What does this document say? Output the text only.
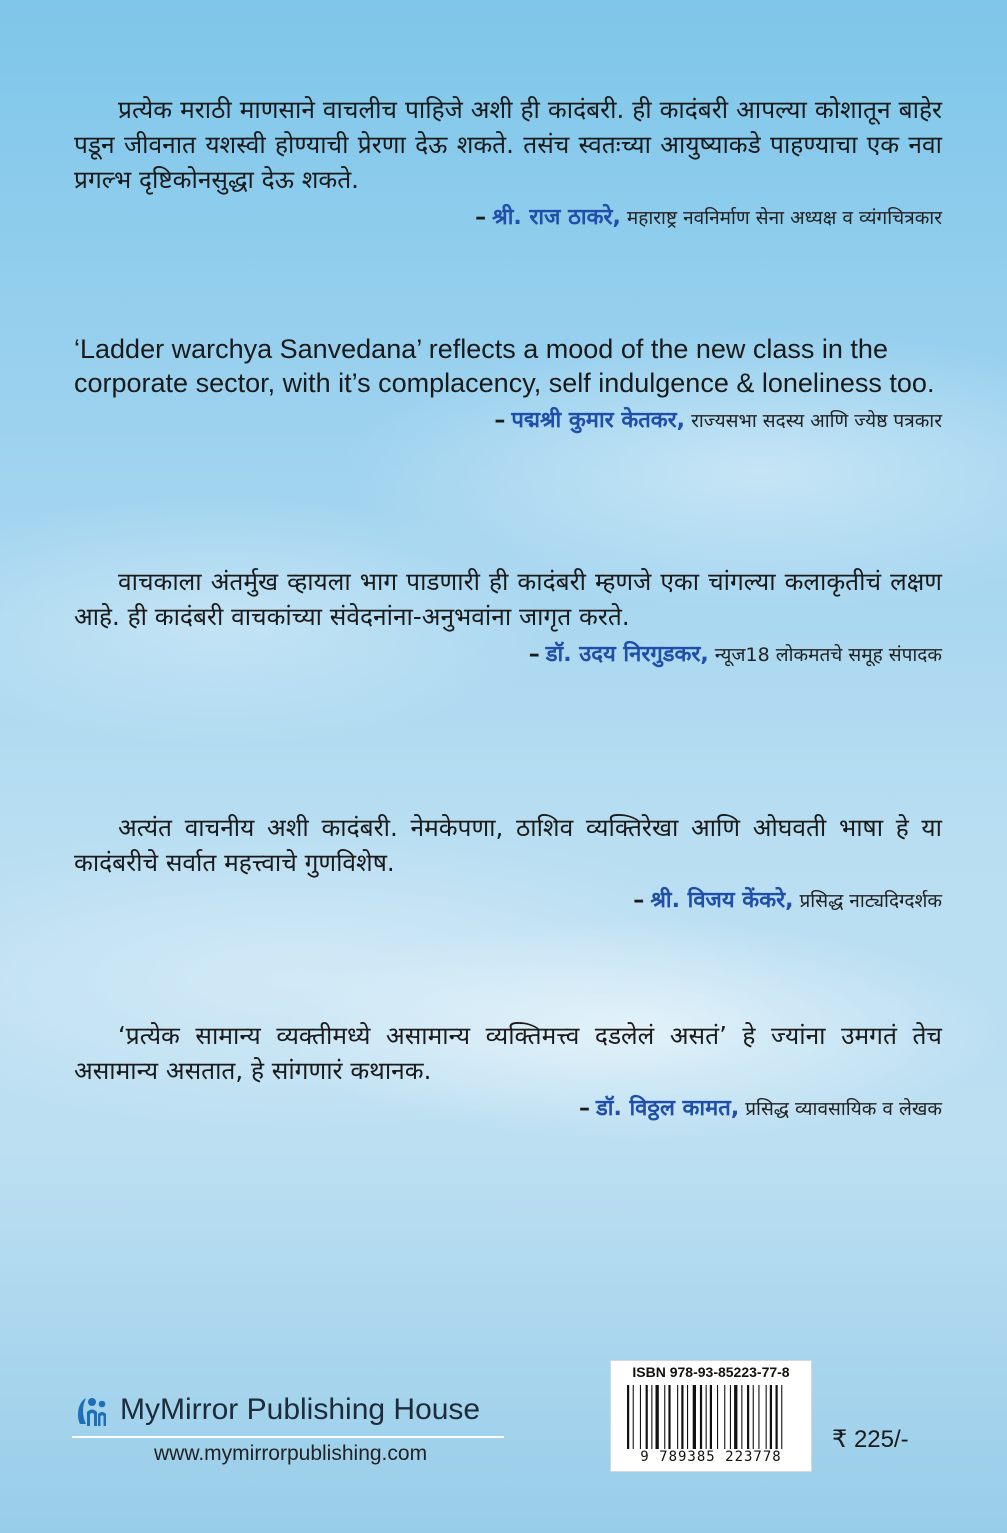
प्रत्येक मराठी माणसाने वाचलीच पाहिजे अशी ही कादंबरी. ही कादंबरी आपल्या कोशातून बाहेर पडून जीवनात यशस्वी होण्याची प्रेरणा देऊ शकते. तसंच स्वतःच्या आयुष्याकडे पाहण्याचा एक नवा प्रगल्भ दृष्टिकोनसुद्धा देऊ शकते.

– श्री. राज ठाकरे, महाराष्ट्र नवनिर्माण सेना अध्यक्ष व व्यंगचित्रकार

‘Ladder warchya Sanvedana’ reflects a mood of the new class in the corporate sector, with it’s complacency, self indulgence & loneliness too.

– पद्मश्री कुमार केतकर, राज्यसभा सदस्य आणि ज्येष्ठ पत्रकार

वाचकाला अंतर्मुख व्हायला भाग पाडणारी ही कादंबरी म्हणजे एका चांगल्या कलाकृतीचं लक्षण आहे. ही कादंबरी वाचकांच्या संवेदनांना-अनुभवांना जागृत करते.

– डॉ. उदय निरगुडकर, न्यूज18 लोकमतचे समूह संपादक

अत्यंत वाचनीय अशी कादंबरी. नेमकेपणा, ठाशिव व्यक्तिरेखा आणि ओघवती भाषा हे या कादंबरीचे सर्वात महत्त्वाचे गुणविशेष.

– श्री. विजय केंकरे, प्रसिद्ध नाट्यदिग्दर्शक

‘प्रत्येक सामान्य व्यक्तीमध्ये असामान्य व्यक्तिमत्त्व दडलेलं असतं’ हे ज्यांना उमगतं तेच असामान्य असतात, हे सांगणारं कथानक.

– डॉ. विठ्ठल कामत, प्रसिद्ध व्यावसायिक व लेखक
MyMirror Publishing House
www.mymirrorpublishing.com
ISBN 978-93-85223-77-8
9 789385 223778
₹ 225/-
